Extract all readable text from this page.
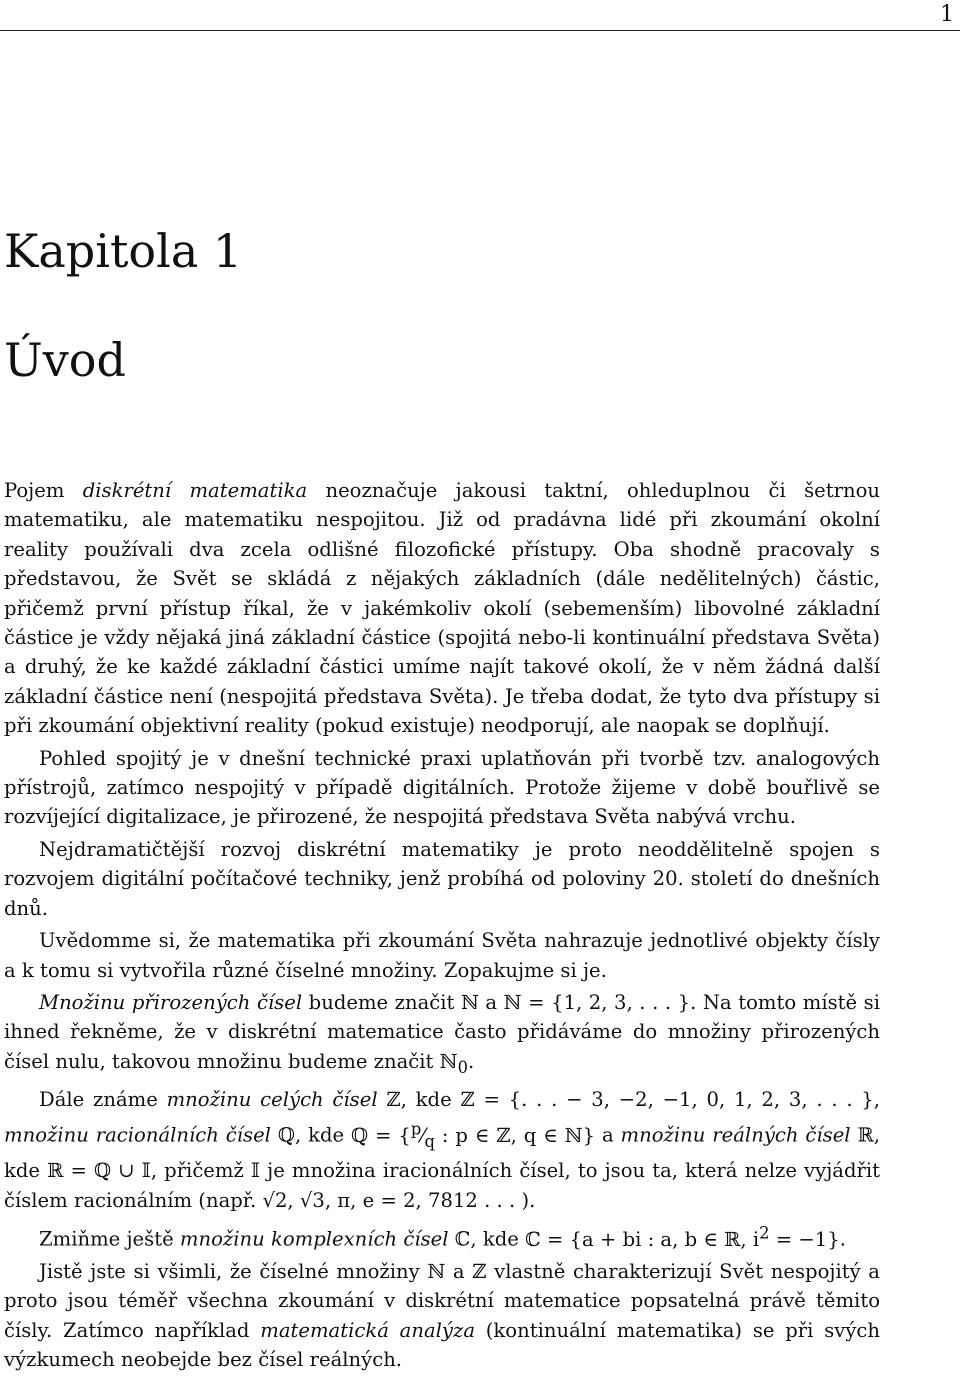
1
Kapitola 1
Úvod

Pojem diskrétní matematika neoznačuje jakousi taktní, ohleduplnou či šetrnou matematiku, ale matematiku nespojitou. Již od pradávna lidé při zkoumání okolní reality používali dva zcela odlišné filozofické přístupy. Oba shodně pracovaly s představou, že Svět se skládá z nějakých základních (dále nedělitelných) částic, přičemž první přístup říkal, že v jakémkoliv okolí (sebemenším) libovolné základní částice je vždy nějaká jiná základní částice (spojitá nebo-li kontinuální představa Světa) a druhý, že ke každé základní částici umíme najít takové okolí, že v něm žádná další základní částice není (nespojitá představa Světa). Je třeba dodat, že tyto dva přístupy si při zkoumání objektivní reality (pokud existuje) neodporují, ale naopak se doplňují.

Pohled spojitý je v dnešní technické praxi uplatňován při tvorbě tzv. analogových přístrojů, zatímco nespojitý v případě digitálních. Protože žijeme v době bouřlivě se rozvíjející digitalizace, je přirozené, že nespojitá představa Světa nabývá vrchu.

Nejdramatičtější rozvoj diskrétní matematiky je proto neoddělitelně spojen s rozvojem digitální počítačové techniky, jenž probíhá od poloviny 20. století do dnešních dnů.

Uvědomme si, že matematika při zkoumání Světa nahrazuje jednotlivé objekty čísly a k tomu si vytvořila různé číselné množiny. Zopakujme si je.

Množinu přirozených čísel budeme značit ℕ a ℕ = {1, 2, 3, . . . }. Na tomto místě si ihned řekněme, že v diskrétní matematice často přidáváme do množiny přirozených čísel nulu, takovou množinu budeme značit ℕ$_0$.

Dále známe množinu celých čísel ℤ, kde ℤ = {. . . − 3, −2, −1, 0, 1, 2, 3, . . . }, množinu racionálních čísel ℚ, kde ℚ = {$^p⁄_q$ : p ∈ ℤ, q ∈ ℕ} a množinu reálných čísel ℝ, kde ℝ = ℚ ∪ 𝕀, přičemž 𝕀 je množina iracionálních čísel, to jsou ta, která nelze vyjádřit číslem racionálním (např. √2, √3, π, e = 2, 7812 . . . ).

Zmiňme ještě množinu komplexních čísel ℂ, kde ℂ = {a + bi : a, b ∈ ℝ, $i^2 = -1$}.

Jistě jste si všimli, že číselné množiny ℕ a ℤ vlastně charakterizují Svět nespojitý a proto jsou téměř všechna zkoumání v diskrétní matematice popsatelná právě těmito čísly. Zatímco například matematická analýza (kontinuální matematika) se při svých výzkumech neobejde bez čísel reálných.
